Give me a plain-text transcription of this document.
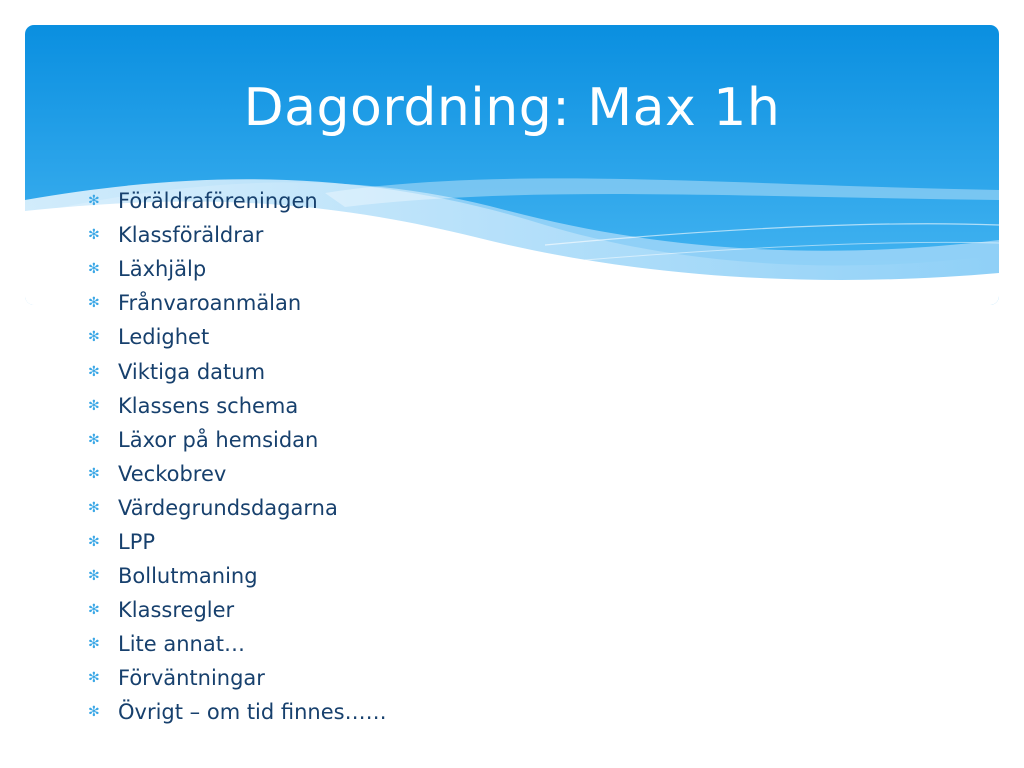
Dagordning: Max 1h
✻ Föräldraföreningen
✻ Klassföräldrar
✻ Läxhjälp
✻ Frånvaroanmälan
✻ Ledighet
✻ Viktiga datum
✻ Klassens schema
✻ Läxor på hemsidan
✻ Veckobrev
✻ Värdegrundsdagarna
✻ LPP
✻ Bollutmaning
✻ Klassregler
✻ Lite annat…
✻ Förväntningar
✻ Övrigt – om tid finnes……
